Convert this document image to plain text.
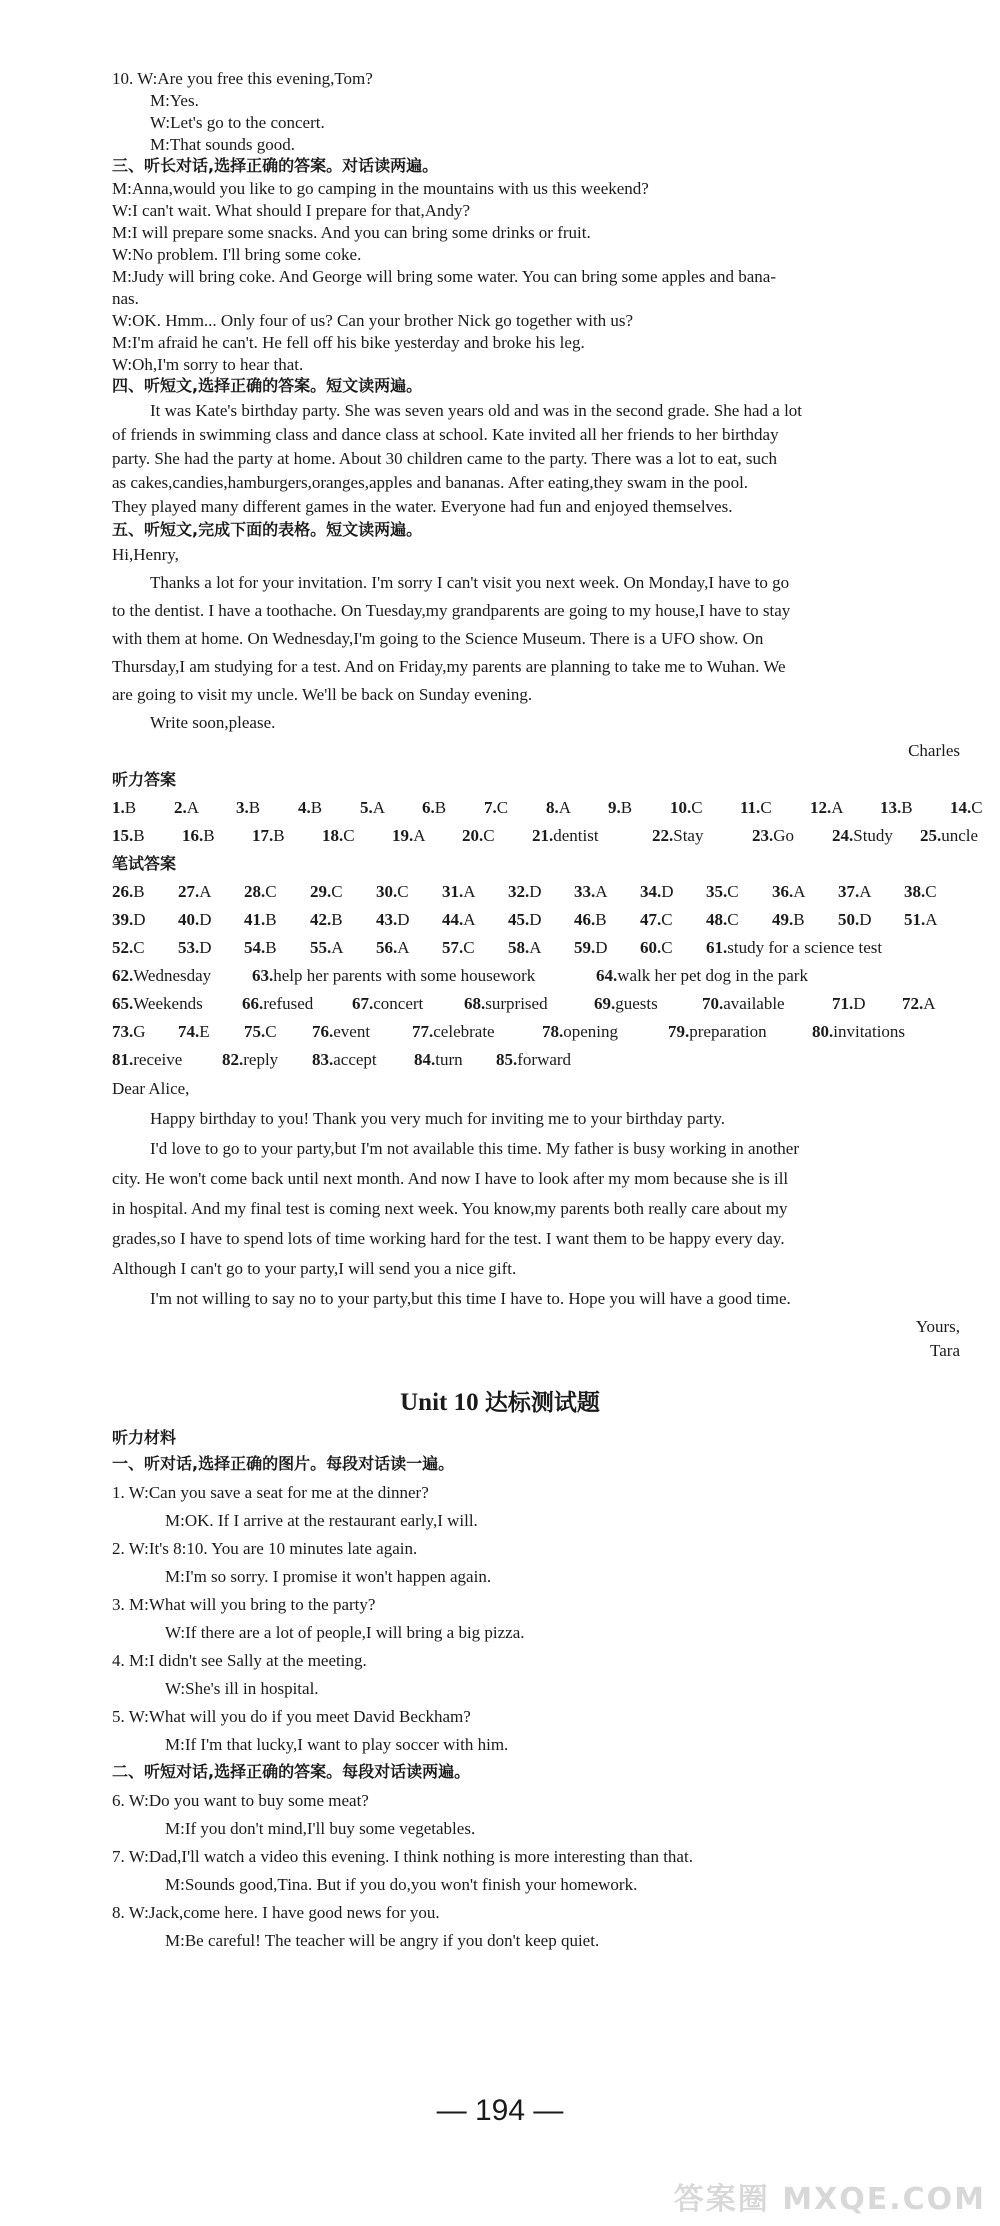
10. W:Are you free this evening,Tom?
M:Yes.
W:Let's go to the concert.
M:That sounds good.
三、听长对话,选择正确的答案。对话读两遍。
M:Anna,would you like to go camping in the mountains with us this weekend?
W:I can't wait. What should I prepare for that,Andy?
M:I will prepare some snacks. And you can bring some drinks or fruit.
W:No problem. I'll bring some coke.
M:Judy will bring coke. And George will bring some water. You can bring some apples and bana-
nas.
W:OK. Hmm... Only four of us? Can your brother Nick go together with us?
M:I'm afraid he can't. He fell off his bike yesterday and broke his leg.
W:Oh,I'm sorry to hear that.
四、听短文,选择正确的答案。短文读两遍。
It was Kate's birthday party. She was seven years old and was in the second grade. She had a lot
of friends in swimming class and dance class at school. Kate invited all her friends to her birthday
party. She had the party at home. About 30 children came to the party. There was a lot to eat, such
as cakes,candies,hamburgers,oranges,apples and bananas. After eating,they swam in the pool.
They played many different games in the water. Everyone had fun and enjoyed themselves.
五、听短文,完成下面的表格。短文读两遍。
Hi,Henry,
Thanks a lot for your invitation. I'm sorry I can't visit you next week. On Monday,I have to go
to the dentist. I have a toothache. On Tuesday,my grandparents are going to my house,I have to stay
with them at home. On Wednesday,I'm going to the Science Museum. There is a UFO show. On
Thursday,I am studying for a test. And on Friday,my parents are planning to take me to Wuhan. We
are going to visit my uncle. We'll be back on Sunday evening.
Write soon,please.
Charles
听力答案
1.B 2.A 3.B 4.B 5.A 6.B 7.C 8.A 9.B 10.C 11.C 12.A 13.B 14.C
15.B 16.B 17.B 18.C 19.A 20.C 21.dentist	22.Stay	23.Go 24.Study 25.uncle
笔试答案
26.B 27.A 28.C 29.C 30.C 31.A 32.D 33.A 34.D 35.C 36.A 37.A 38.C
39.D 40.D 41.B 42.B 43.D 44.A 45.D 46.B 47.C 48.C 49.B 50.D 51.A
52.C 53.D 54.B 55.A 56.A 57.C 58.A 59.D 60.C 61.study for a science test
62.Wednesday 63.help her parents with some housework	64.walk her pet dog in the park
65.Weekends 66.refused 67.concert 68.surprised	69.guests	70.available	71.D 72.A
73.G 74.E 75.C 76.event 77.celebrate	78.opening	79.preparation	80.invitations
81.receive 82.reply 83.accept 84.turn 85.forward
Dear Alice,
Happy birthday to you! Thank you very much for inviting me to your birthday party.
I'd love to go to your party,but I'm not available this time. My father is busy working in another
city. He won't come back until next month. And now I have to look after my mom because she is ill
in hospital. And my final test is coming next week. You know,my parents both really care about my
grades,so I have to spend lots of time working hard for the test. I want them to be happy every day.
Although I can't go to your party,I will send you a nice gift.
I'm not willing to say no to your party,but this time I have to. Hope you will have a good time.
Yours,
Tara
Unit 10 达标测试题
听力材料
一、听对话,选择正确的图片。每段对话读一遍。
1. W:Can you save a seat for me at the dinner?
M:OK. If I arrive at the restaurant early,I will.
2. W:It's 8:10. You are 10 minutes late again.
M:I'm so sorry. I promise it won't happen again.
3. M:What will you bring to the party?
W:If there are a lot of people,I will bring a big pizza.
4. M:I didn't see Sally at the meeting.
W:She's ill in hospital.
5. W:What will you do if you meet David Beckham?
M:If I'm that lucky,I want to play soccer with him.
二、听短对话,选择正确的答案。每段对话读两遍。
6. W:Do you want to buy some meat?
M:If you don't mind,I'll buy some vegetables.
7. W:Dad,I'll watch a video this evening. I think nothing is more interesting than that.
M:Sounds good,Tina. But if you do,you won't finish your homework.
8. W:Jack,come here. I have good news for you.
M:Be careful! The teacher will be angry if you don't keep quiet.
— 194 —
答案圈 MXQE.COM
